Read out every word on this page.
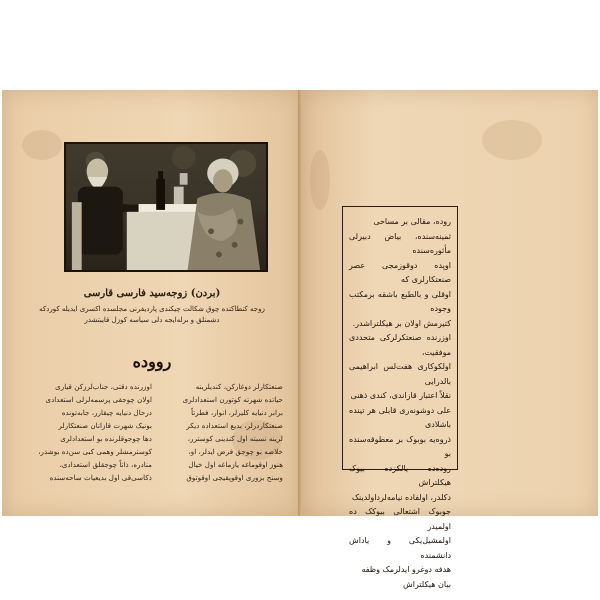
(بردن) زوجه‌سید فارسی قارسی
زوجه کنطاکتده چوق شکالت چیکندی پاردیفرنی مجلسده اکسری ایدیله کوردکه
دشمنلق و برله‌ایجه دلی سیاسه کوزل قایبتشدر
رووده
صنعتکارلر دوغارکن، کندیلرینه
حیاتده شهرته کوتورن استعدادلری
برابر دنیایه کلیرلر، انوار، فطرتاً
صنعتکاردرلر، بدیع استعداده دیکر
لرینه نسبته اول کندینی کوسترر،
خلاصه بو چوجق فرض ایدلر، او،
هنوز اوقوماغه یازماغه اول خیال
وسنح بزوری اوقوپقیجی اوقوتوق
اوزرنده دقتی، جناب‌لرزکن قیاری
اولان چوجقی پرسمه‌لرلی استعدادی
درحال دنیایه چیقارر، جابه‌تونده
بونیک شهرت قازانان صنعتکارلر
دها چوجوقلرنده بو استعدادلری
کوسترمشلر وهمی کبی سن‌ده بوشدر،
منادره، ذاتاً چوجقلق استعدادی،
ذکاسی‌قی اول بدیعیات ساحه‌سنده
روده، مقالی بر مساحی
ثمینه‌سنده، بیاض دبیرلی مأثوره‌سنده
اوپده دوقوزمجی عصر صنعتکارلری که
اوقلی و بالطبع باشقه برمکتب وجوده
کتیرمش اولان بر هیکلتراشدر.
اوزرنده صنعتکرلرکی متحددی موفقیت،
اولکوکاری هفت‌لس ابراهیمی بالدرایی
نقلاً اعتبار قازاندی، کندی ذهنی
علی دوشونه‌ری قابلی هر تینده باشلادی
ذروه‌یه بوبوک بر معطوقه‌سنده بو
روده‌ده یالکزده بیوک هیکلتراش
دکلدر، اولفاده نیامه‌لرداولدینک
جوبوک اشتعالی بیوکک ده اولمیدر
اولمشیل‌یکی و یاداش دانشمنده
هدفه دوغرو ایدلرمک وظفه
بیان هیکلتراش
